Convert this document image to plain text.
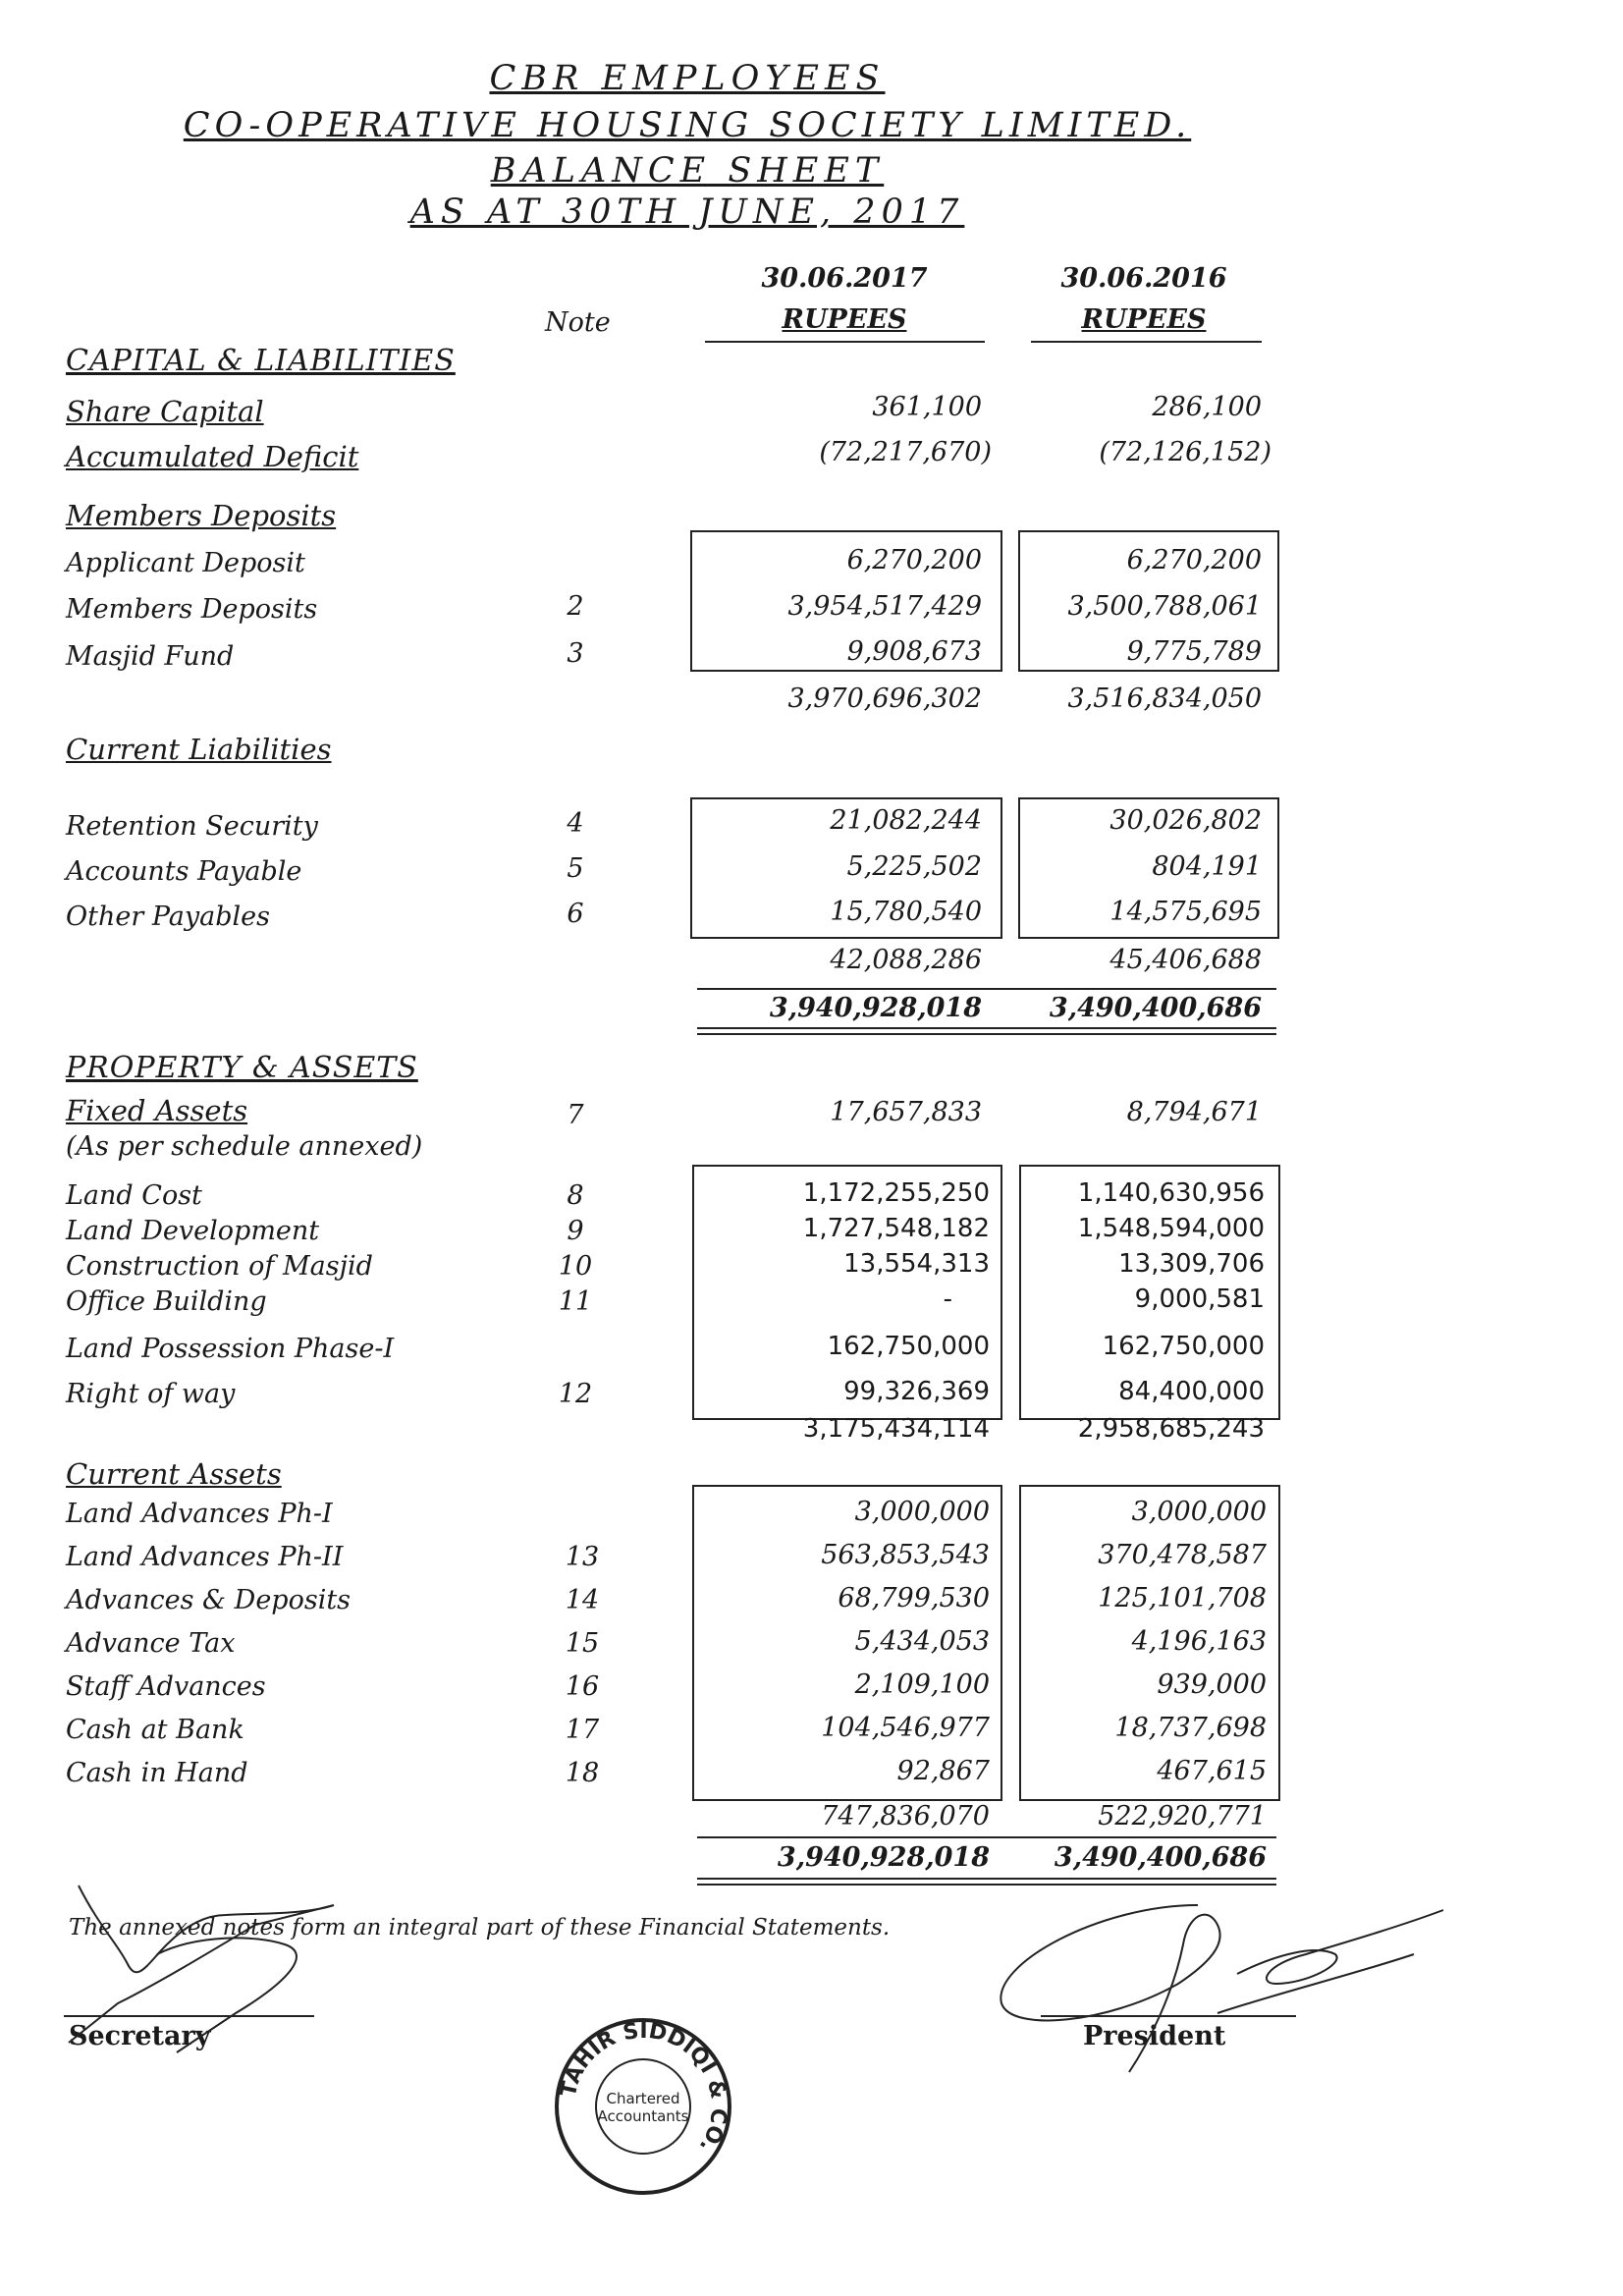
CBR EMPLOYEES
CO-OPERATIVE HOUSING SOCIETY LIMITED.
BALANCE SHEET
AS AT 30TH JUNE, 2017
Note
30.06.2017
RUPEES
30.06.2016
RUPEES
CAPITAL & LIABILITIES
Share Capital	361,100	286,100
Accumulated Deficit	(72,217,670)	(72,126,152)
Members Deposits
Applicant Deposit	6,270,200	6,270,200
Members Deposits	2	3,954,517,429	3,500,788,061
Masjid Fund	3	9,908,673	9,775,789
3,970,696,302	3,516,834,050
Current Liabilities
Retention Security	4	21,082,244	30,026,802
Accounts Payable	5	5,225,502	804,191
Other Payables	6	15,780,540	14,575,695
42,088,286	45,406,688
3,940,928,018	3,490,400,686
PROPERTY & ASSETS
Fixed Assets	7	17,657,833	8,794,671
(As per schedule annexed)
Land Cost	8	1,172,255,250	1,140,630,956
Land Development	9	1,727,548,182	1,548,594,000
Construction of Masjid	10	13,554,313	13,309,706
Office Building	11	-	9,000,581
Land Possession Phase-I	162,750,000	162,750,000
Right of way	12	99,326,369	84,400,000
3,175,434,114	2,958,685,243
Current Assets
Land Advances Ph-I	3,000,000	3,000,000
Land Advances Ph-II	13	563,853,543	370,478,587
Advances & Deposits	14	68,799,530	125,101,708
Advance Tax	15	5,434,053	4,196,163
Staff Advances	16	2,109,100	939,000
Cash at Bank	17	104,546,977	18,737,698
Cash in Hand	18	92,867	467,615
747,836,070	522,920,771
3,940,928,018	3,490,400,686
The annexed notes form an integral part of these Financial Statements.
Secretary	President
TAHIR SIDDIQI & CO.
Chartered
Accountants
